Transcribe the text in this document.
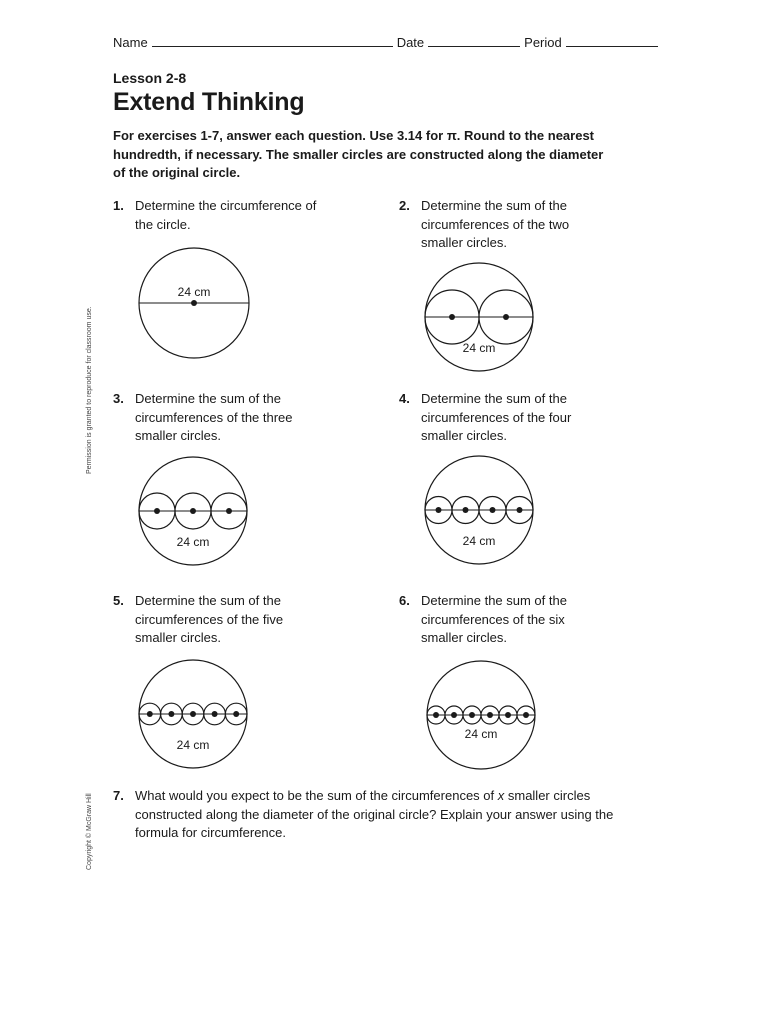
Name	Date	Period
Lesson 2-8
Extend Thinking
For exercises 1-7, answer each question. Use 3.14 for π. Round to the nearest hundredth, if necessary. The smaller circles are constructed along the diameter of the original circle.
Permission is granted to reproduce for classroom use.
Copyright © McGraw Hill
1. Determine the circumference of the circle.
2. Determine the sum of the circumferences of the two smaller circles.
3. Determine the sum of the circumferences of the three smaller circles.
4. Determine the sum of the circumferences of the four smaller circles.
5. Determine the sum of the circumferences of the five smaller circles.
6. Determine the sum of the circumferences of the six smaller circles.
7. What would you expect to be the sum of the circumferences of x smaller circles constructed along the diameter of the original circle? Explain your answer using the formula for circumference.
24 cm
24 cm
24 cm	24 cm
24 cm
24 cm
